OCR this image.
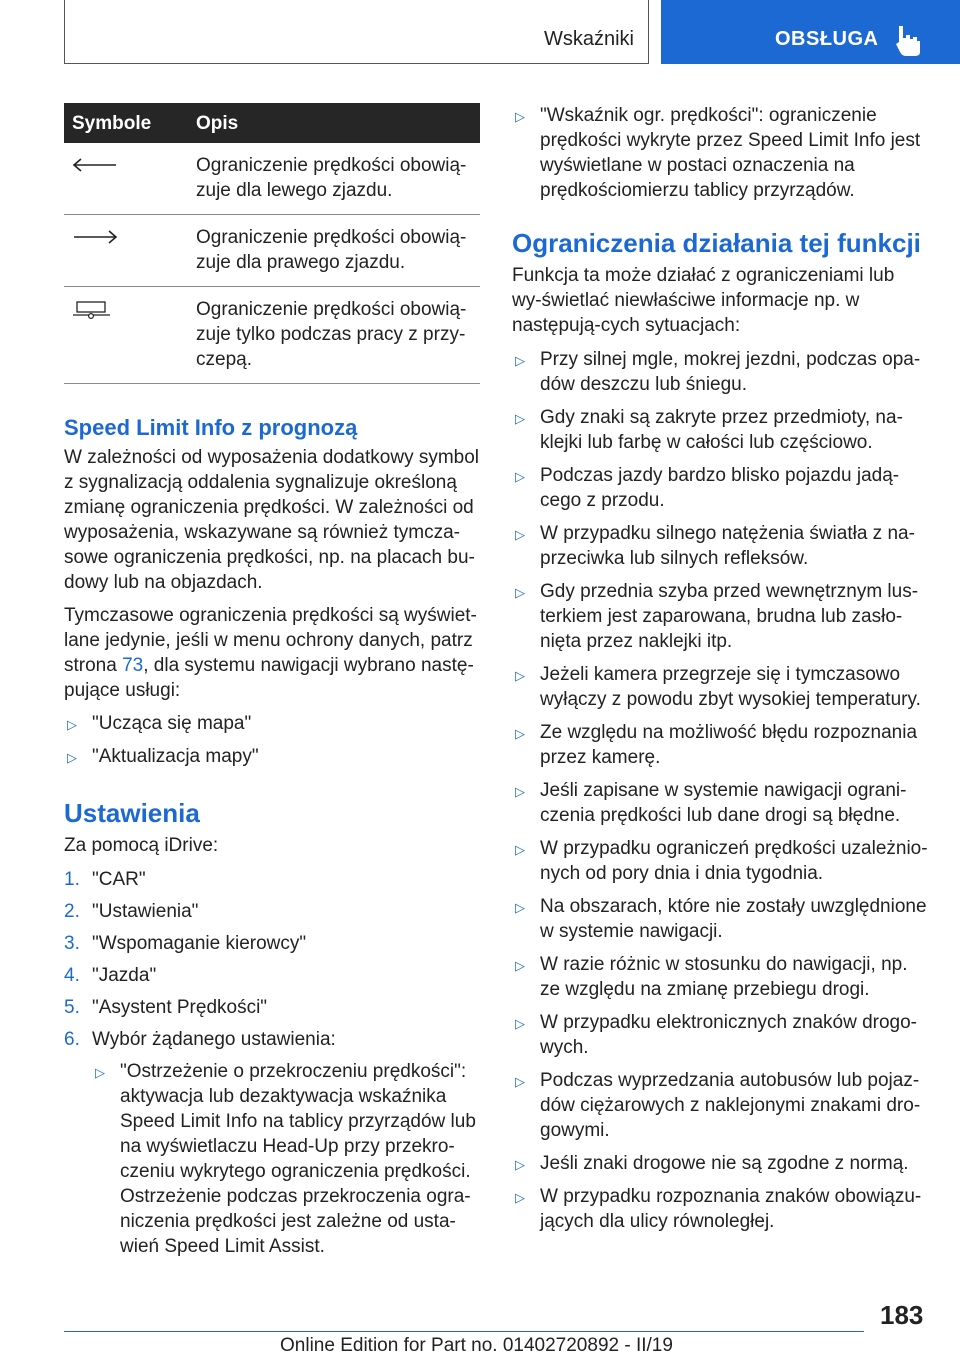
Wskaźniki	OBSŁUGA
Symbole	Opis
	Ograniczenie prędkości obowią-zuje dla lewego zjazdu.
	Ograniczenie prędkości obowią-zuje dla prawego zjazdu.
	Ograniczenie prędkości obowią-zuje tylko podczas pracy z przy-czepą.
Speed Limit Info z prognozą

W zależności od wyposażenia dodatkowy symbol z sygnalizacją oddalenia sygnalizuje określoną zmianę ograniczenia prędkości. W zależności od wyposażenia, wskazywane są również tymcza-sowe ograniczenia prędkości, np. na placach bu-dowy lub na objazdach.

Tymczasowe ograniczenia prędkości są wyświet-lane jedynie, jeśli w menu ochrony danych, patrz strona 73, dla systemu nawigacji wybrano nastę-pujące usługi:

▷ "Ucząca się mapa"
▷ "Aktualizacja mapy"
Ustawienia

Za pomocą iDrive:

1. "CAR"
2. "Ustawienia"
3. "Wspomaganie kierowcy"
4. "Jazda"
5. "Asystent Prędkości"
6. Wybór żądanego ustawienia:
▷ "Ostrzeżenie o przekroczeniu prędkości": aktywacja lub dezaktywacja wskaźnika Speed Limit Info na tablicy przyrządów lub na wyświetlaczu Head-Up przy przekro-czeniu wykrytego ograniczenia prędkości. Ostrzeżenie podczas przekroczenia ogra-niczenia prędkości jest zależne od usta-wień Speed Limit Assist.
▷ "Wskaźnik ogr. prędkości": ograniczenie prędkości wykryte przez Speed Limit Info jest wyświetlane w postaci oznaczenia na prędkościomierzu tablicy przyrządów.
Ograniczenia działania tej funkcji

Funkcja ta może działać z ograniczeniami lub wy-świetlać niewłaściwe informacje np. w następują-cych sytuacjach:

▷ Przy silnej mgle, mokrej jezdni, podczas opa-dów deszczu lub śniegu.
▷ Gdy znaki są zakryte przez przedmioty, na-klejki lub farbę w całości lub częściowo.
▷ Podczas jazdy bardzo blisko pojazdu jadą-cego z przodu.
▷ W przypadku silnego natężenia światła z na-przeciwka lub silnych refleksów.
▷ Gdy przednia szyba przed wewnętrznym lus-terkiem jest zaparowana, brudna lub zasło-nięta przez naklejki itp.
▷ Jeżeli kamera przegrzeje się i tymczasowo wyłączy z powodu zbyt wysokiej temperatury.
▷ Ze względu na możliwość błędu rozpoznania przez kamerę.
▷ Jeśli zapisane w systemie nawigacji ograni-czenia prędkości lub dane drogi są błędne.
▷ W przypadku ograniczeń prędkości uzależnio-nych od pory dnia i dnia tygodnia.
▷ Na obszarach, które nie zostały uwzględnione w systemie nawigacji.
▷ W razie różnic w stosunku do nawigacji, np. ze względu na zmianę przebiegu drogi.
▷ W przypadku elektronicznych znaków drogo-wych.
▷ Podczas wyprzedzania autobusów lub pojaz-dów ciężarowych z naklejonymi znakami dro-gowymi.
▷ Jeśli znaki drogowe nie są zgodne z normą.
▷ W przypadku rozpoznania znaków obowiązu-jących dla ulicy równoległej.
183
Online Edition for Part no. 01402720892 - II/19
